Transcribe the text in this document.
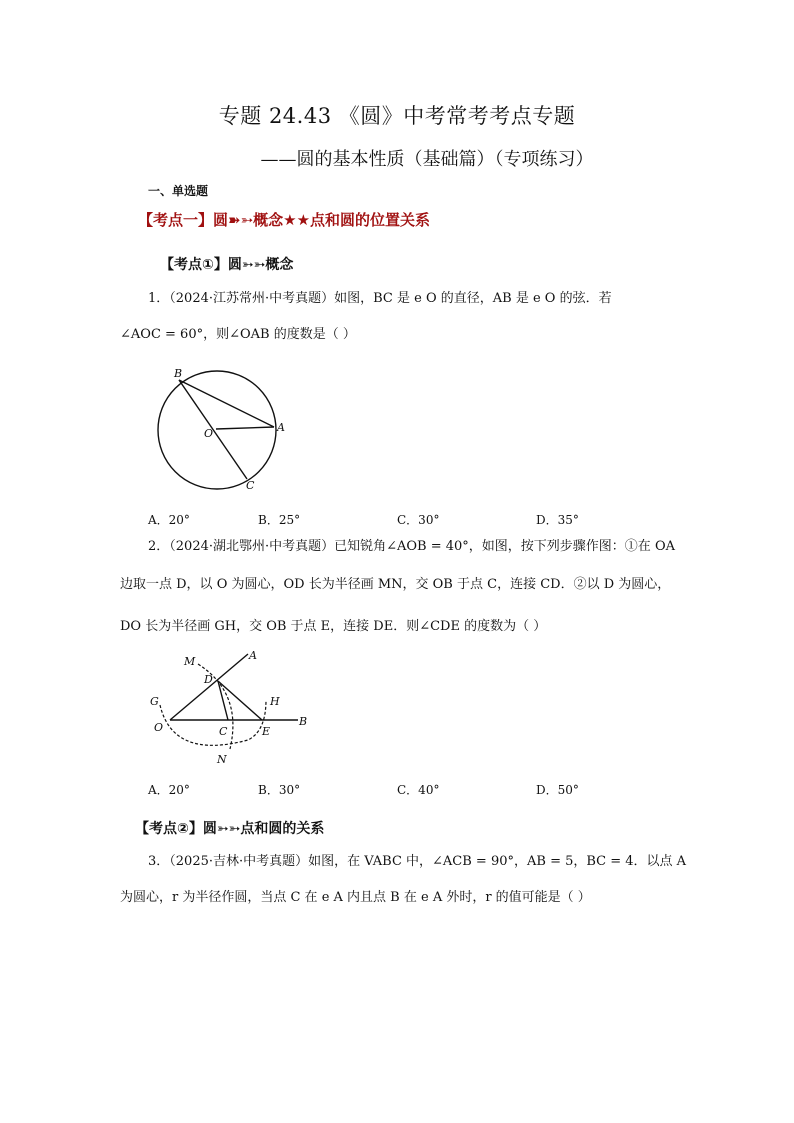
专题 24.43 《圆》中考常考考点专题
——圆的基本性质（基础篇）（专项练习）
一、单选题
【考点一】圆➽➳概念★★点和圆的位置关系
【考点①】圆➳➳概念
1．（2024·江苏常州·中考真题）如图，BC 是 e O 的直径，AB 是 e O 的弦．若
∠AOC = 60°，则∠OAB 的度数是（ ）
B
O	A
C
A．20°	B．25°	C．30°	D．35°
2．（2024·湖北鄂州·中考真题）已知锐角∠AOB = 40°，如图，按下列步骤作图：①在 OA
边取一点 D，以 O 为圆心，OD 长为半径画 MN，交 OB 于点 C，连接 CD．②以 D 为圆心，
DO 长为半径画 GH，交 OB 于点 E，连接 DE．则∠CDE 的度数为（ ）
M	A
D
H
G
O	C	E
B
N
A．20°	B．30°	C．40°	D．50°
【考点②】圆➳➳点和圆的关系
3．（2025·吉林·中考真题）如图，在 VABC 中，∠ACB = 90°，AB = 5，BC = 4．以点 A
为圆心，r 为半径作圆，当点 C 在 e A 内且点 B 在 e A 外时，r 的值可能是（ ）
